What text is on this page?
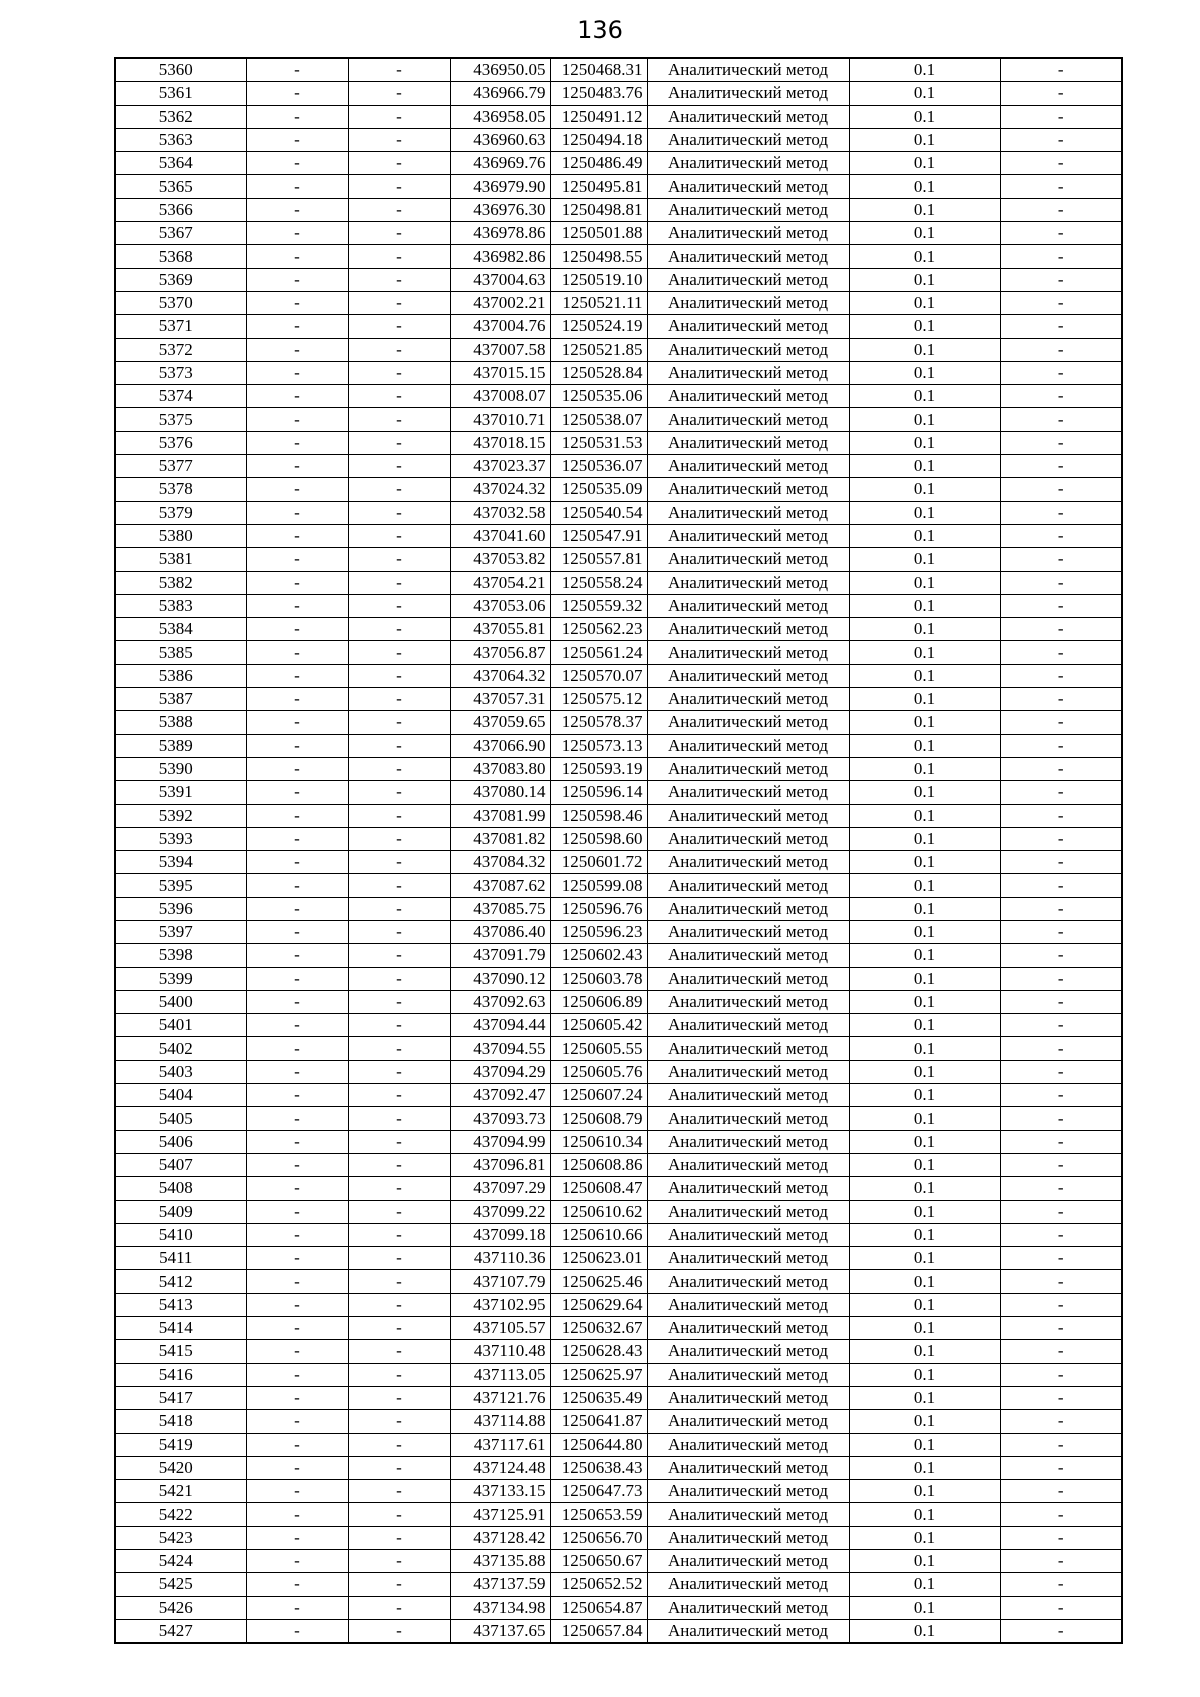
136
5360	-	-	436950.05	1250468.31	Аналитический метод	0.1	-
5361	-	-	436966.79	1250483.76	Аналитический метод	0.1	-
5362	-	-	436958.05	1250491.12	Аналитический метод	0.1	-
5363	-	-	436960.63	1250494.18	Аналитический метод	0.1	-
5364	-	-	436969.76	1250486.49	Аналитический метод	0.1	-
5365	-	-	436979.90	1250495.81	Аналитический метод	0.1	-
5366	-	-	436976.30	1250498.81	Аналитический метод	0.1	-
5367	-	-	436978.86	1250501.88	Аналитический метод	0.1	-
5368	-	-	436982.86	1250498.55	Аналитический метод	0.1	-
5369	-	-	437004.63	1250519.10	Аналитический метод	0.1	-
5370	-	-	437002.21	1250521.11	Аналитический метод	0.1	-
5371	-	-	437004.76	1250524.19	Аналитический метод	0.1	-
5372	-	-	437007.58	1250521.85	Аналитический метод	0.1	-
5373	-	-	437015.15	1250528.84	Аналитический метод	0.1	-
5374	-	-	437008.07	1250535.06	Аналитический метод	0.1	-
5375	-	-	437010.71	1250538.07	Аналитический метод	0.1	-
5376	-	-	437018.15	1250531.53	Аналитический метод	0.1	-
5377	-	-	437023.37	1250536.07	Аналитический метод	0.1	-
5378	-	-	437024.32	1250535.09	Аналитический метод	0.1	-
5379	-	-	437032.58	1250540.54	Аналитический метод	0.1	-
5380	-	-	437041.60	1250547.91	Аналитический метод	0.1	-
5381	-	-	437053.82	1250557.81	Аналитический метод	0.1	-
5382	-	-	437054.21	1250558.24	Аналитический метод	0.1	-
5383	-	-	437053.06	1250559.32	Аналитический метод	0.1	-
5384	-	-	437055.81	1250562.23	Аналитический метод	0.1	-
5385	-	-	437056.87	1250561.24	Аналитический метод	0.1	-
5386	-	-	437064.32	1250570.07	Аналитический метод	0.1	-
5387	-	-	437057.31	1250575.12	Аналитический метод	0.1	-
5388	-	-	437059.65	1250578.37	Аналитический метод	0.1	-
5389	-	-	437066.90	1250573.13	Аналитический метод	0.1	-
5390	-	-	437083.80	1250593.19	Аналитический метод	0.1	-
5391	-	-	437080.14	1250596.14	Аналитический метод	0.1	-
5392	-	-	437081.99	1250598.46	Аналитический метод	0.1	-
5393	-	-	437081.82	1250598.60	Аналитический метод	0.1	-
5394	-	-	437084.32	1250601.72	Аналитический метод	0.1	-
5395	-	-	437087.62	1250599.08	Аналитический метод	0.1	-
5396	-	-	437085.75	1250596.76	Аналитический метод	0.1	-
5397	-	-	437086.40	1250596.23	Аналитический метод	0.1	-
5398	-	-	437091.79	1250602.43	Аналитический метод	0.1	-
5399	-	-	437090.12	1250603.78	Аналитический метод	0.1	-
5400	-	-	437092.63	1250606.89	Аналитический метод	0.1	-
5401	-	-	437094.44	1250605.42	Аналитический метод	0.1	-
5402	-	-	437094.55	1250605.55	Аналитический метод	0.1	-
5403	-	-	437094.29	1250605.76	Аналитический метод	0.1	-
5404	-	-	437092.47	1250607.24	Аналитический метод	0.1	-
5405	-	-	437093.73	1250608.79	Аналитический метод	0.1	-
5406	-	-	437094.99	1250610.34	Аналитический метод	0.1	-
5407	-	-	437096.81	1250608.86	Аналитический метод	0.1	-
5408	-	-	437097.29	1250608.47	Аналитический метод	0.1	-
5409	-	-	437099.22	1250610.62	Аналитический метод	0.1	-
5410	-	-	437099.18	1250610.66	Аналитический метод	0.1	-
5411	-	-	437110.36	1250623.01	Аналитический метод	0.1	-
5412	-	-	437107.79	1250625.46	Аналитический метод	0.1	-
5413	-	-	437102.95	1250629.64	Аналитический метод	0.1	-
5414	-	-	437105.57	1250632.67	Аналитический метод	0.1	-
5415	-	-	437110.48	1250628.43	Аналитический метод	0.1	-
5416	-	-	437113.05	1250625.97	Аналитический метод	0.1	-
5417	-	-	437121.76	1250635.49	Аналитический метод	0.1	-
5418	-	-	437114.88	1250641.87	Аналитический метод	0.1	-
5419	-	-	437117.61	1250644.80	Аналитический метод	0.1	-
5420	-	-	437124.48	1250638.43	Аналитический метод	0.1	-
5421	-	-	437133.15	1250647.73	Аналитический метод	0.1	-
5422	-	-	437125.91	1250653.59	Аналитический метод	0.1	-
5423	-	-	437128.42	1250656.70	Аналитический метод	0.1	-
5424	-	-	437135.88	1250650.67	Аналитический метод	0.1	-
5425	-	-	437137.59	1250652.52	Аналитический метод	0.1	-
5426	-	-	437134.98	1250654.87	Аналитический метод	0.1	-
5427	-	-	437137.65	1250657.84	Аналитический метод	0.1	-
